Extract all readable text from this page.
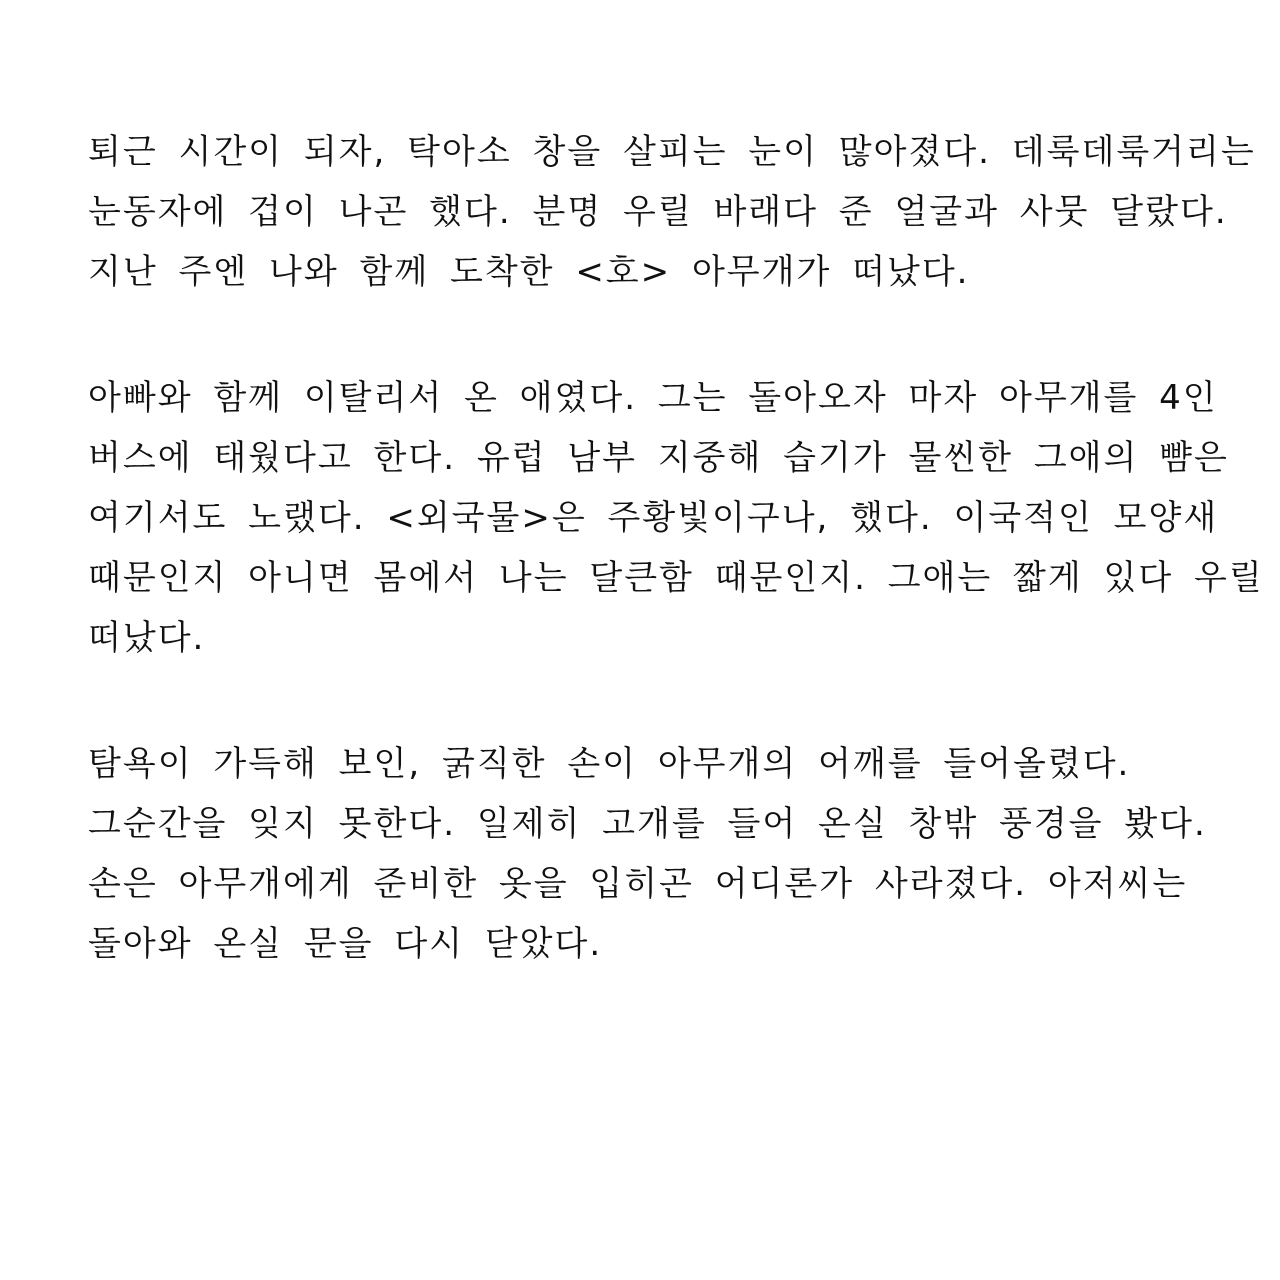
퇴근 시간이 되자, 탁아소 창을 살피는 눈이 많아졌다. 데룩데룩거리는
눈동자에 겁이 나곤 했다. 분명 우릴 바래다 준 얼굴과 사뭇 달랐다.
지난 주엔 나와 함께 도착한 <호> 아무개가 떠났다.

아빠와 함께 이탈리서 온 애였다. 그는 돌아오자 마자 아무개를 4인
버스에 태웠다고 한다. 유럽 남부 지중해 습기가 물씬한 그애의 뺨은
여기서도 노랬다. <외국물>은 주황빛이구나, 했다. 이국적인 모양새
때문인지 아니면 몸에서 나는 달큰함 때문인지. 그애는 짧게 있다 우릴
떠났다.

탐욕이 가득해 보인, 굵직한 손이 아무개의 어깨를 들어올렸다.
그순간을 잊지 못한다. 일제히 고개를 들어 온실 창밖 풍경을 봤다.
손은 아무개에게 준비한 옷을 입히곤 어디론가 사라졌다. 아저씨는
돌아와 온실 문을 다시 닫았다.
